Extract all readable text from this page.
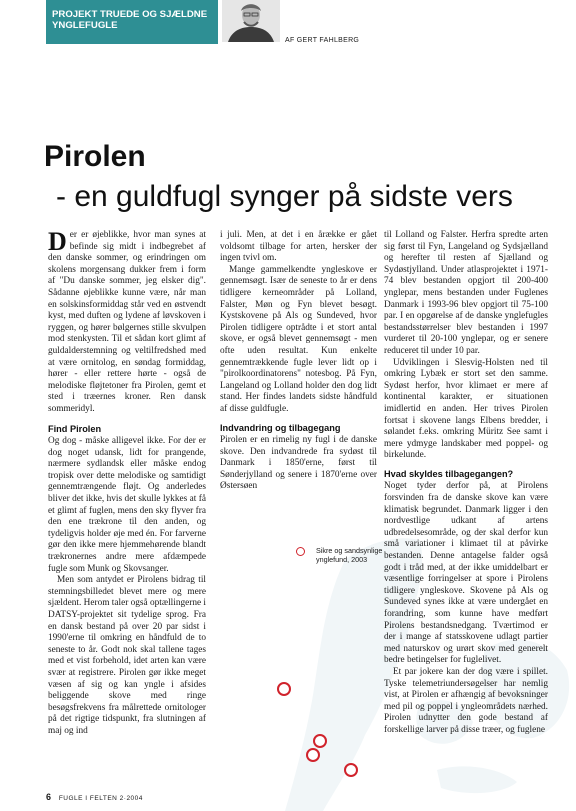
PROJEKT TRUEDE OG SJÆLDNE YNGLEFUGLE
AF GERT FAHLBERG
Pirolen
- en guldfugl synger på sidste vers

Der er øjeblikke, hvor man synes at befinde sig midt i indbegrebet af den danske sommer, og erindringen om skolens morgensang dukker frem i form af "Du danske sommer, jeg elsker dig". Sådanne øjeblikke kunne være, når man en solskinsformiddag står ved en østvendt kyst, med duften og lydene af løvskoven i ryggen, og hører bølgernes stille skvulpen mod stenkysten. Til et sådan kort glimt af guldalderstemning og veltilfredshed med at være ornitolog, en søndag formiddag, hører - eller rettere hørte - også de melodiske fløjtetoner fra Pirolen, gemt et sted i træernes kroner. Ren dansk sommeridyl.

Find Pirolen

Og dog - måske alligevel ikke. For der er dog noget udansk, lidt for prangende, nærmere sydlandsk eller måske endog tropisk over dette melodiske og samtidigt gennemtrængende fløjt. Og anderledes bliver det ikke, hvis det skulle lykkes at få et glimt af fuglen, mens den sky flyver fra den ene trækrone til den anden, og tydeligvis holder øje med én. For farverne gør den ikke mere hjemmehørende blandt trækronernes andre mere afdæmpede fugle som Munk og Skovsanger.

Men som antydet er Pirolens bidrag til stemningsbilledet blevet mere og mere sjældent. Herom taler også optællingerne i DATSY-projektet sit tydelige sprog. Fra en dansk bestand på over 20 par sidst i 1990'erne til omkring en håndfuld de to seneste to år. Godt nok skal tallene tages med et vist forbehold, idet arten kan være svær at registrere. Pirolen gør ikke meget væsen af sig og kan yngle i afsides beliggende skove med ringe besøgsfrekvens fra målrettede ornitologer på det rigtige tidspunkt, fra slutningen af maj og ind

i juli. Men, at det i en årække er gået voldsomt tilbage for arten, hersker der ingen tvivl om.

Mange gammelkendte yngleskove er gennemsøgt. Især de seneste to år er dens tidligere kerneområder på Lolland, Falster, Møn og Fyn blevet besøgt. Kystskovene på Als og Sundeved, hvor Pirolen tidligere optrådte i et stort antal skove, er også blevet gennemsøgt - men ofte uden resultat. Kun enkelte gennemtrækkende fugle lever lidt op i "pirolkoordinatorens" notesbog. På Fyn, Langeland og Lolland holder den dog lidt stand. Her findes landets sidste håndfuld af disse guldfugle.

Indvandring og tilbagegang

Pirolen er en rimelig ny fugl i de danske skove. Den indvandrede fra sydøst til Danmark i 1850'erne, først til Sønderjylland og senere i 1870'erne over Østersøen

til Lolland og Falster. Herfra spredte arten sig først til Fyn, Langeland og Sydsjælland og herefter til resten af Sjælland og Sydøstjylland. Under atlasprojektet i 1971-74 blev bestanden opgjort til 200-400 ynglepar, mens bestanden under Fuglenes Danmark i 1993-96 blev opgjort til 75-100 par. I en opgørelse af de danske ynglefugles bestandsstørrelser blev bestanden i 1997 vurderet til 20-100 ynglepar, og er senere reduceret til under 10 par.

Udviklingen i Slesvig-Holsten ned til omkring Lybæk er stort set den samme. Sydøst herfor, hvor klimaet er mere af kontinental karakter, er situationen imidlertid en anden. Her trives Pirolen fortsat i skovene langs Elbens bredder, i sølandet f.eks. omkring Müritz See samt i mere ydmyge landskaber med poppel- og birkelunde.

Hvad skyldes tilbagegangen?

Noget tyder derfor på, at Pirolens forsvinden fra de danske skove kan være klimatisk begrundet. Danmark ligger i den nordvestlige udkant af artens udbredelsesområde, og der skal derfor kun små variationer i klimaet til at påvirke bestanden. Denne antagelse falder også godt i tråd med, at der ikke umiddelbart er væsentlige forringelser at spore i Pirolens tidligere yngleskove. Skovene på Als og Sundeved synes ikke at være undergået en forandring, som kunne have medført Pirolens bestandsnedgang. Tværtimod er der i mange af statsskovene udlagt partier med naturskov og urørt skov med generelt bedre betingelser for fuglelivet.

Et par jokere kan der dog være i spillet. Tyske telemetriundersøgelser har nemlig vist, at Pirolen er afhængig af bevoksninger med pil og poppel i yngleområdets nærhed. Pirolen udnytter den gode bestand af forskellige larver på disse træer, og fuglene

Sikre og sandsynlige ynglefund, 2003
6 FUGLE I FELTEN 2·2004
